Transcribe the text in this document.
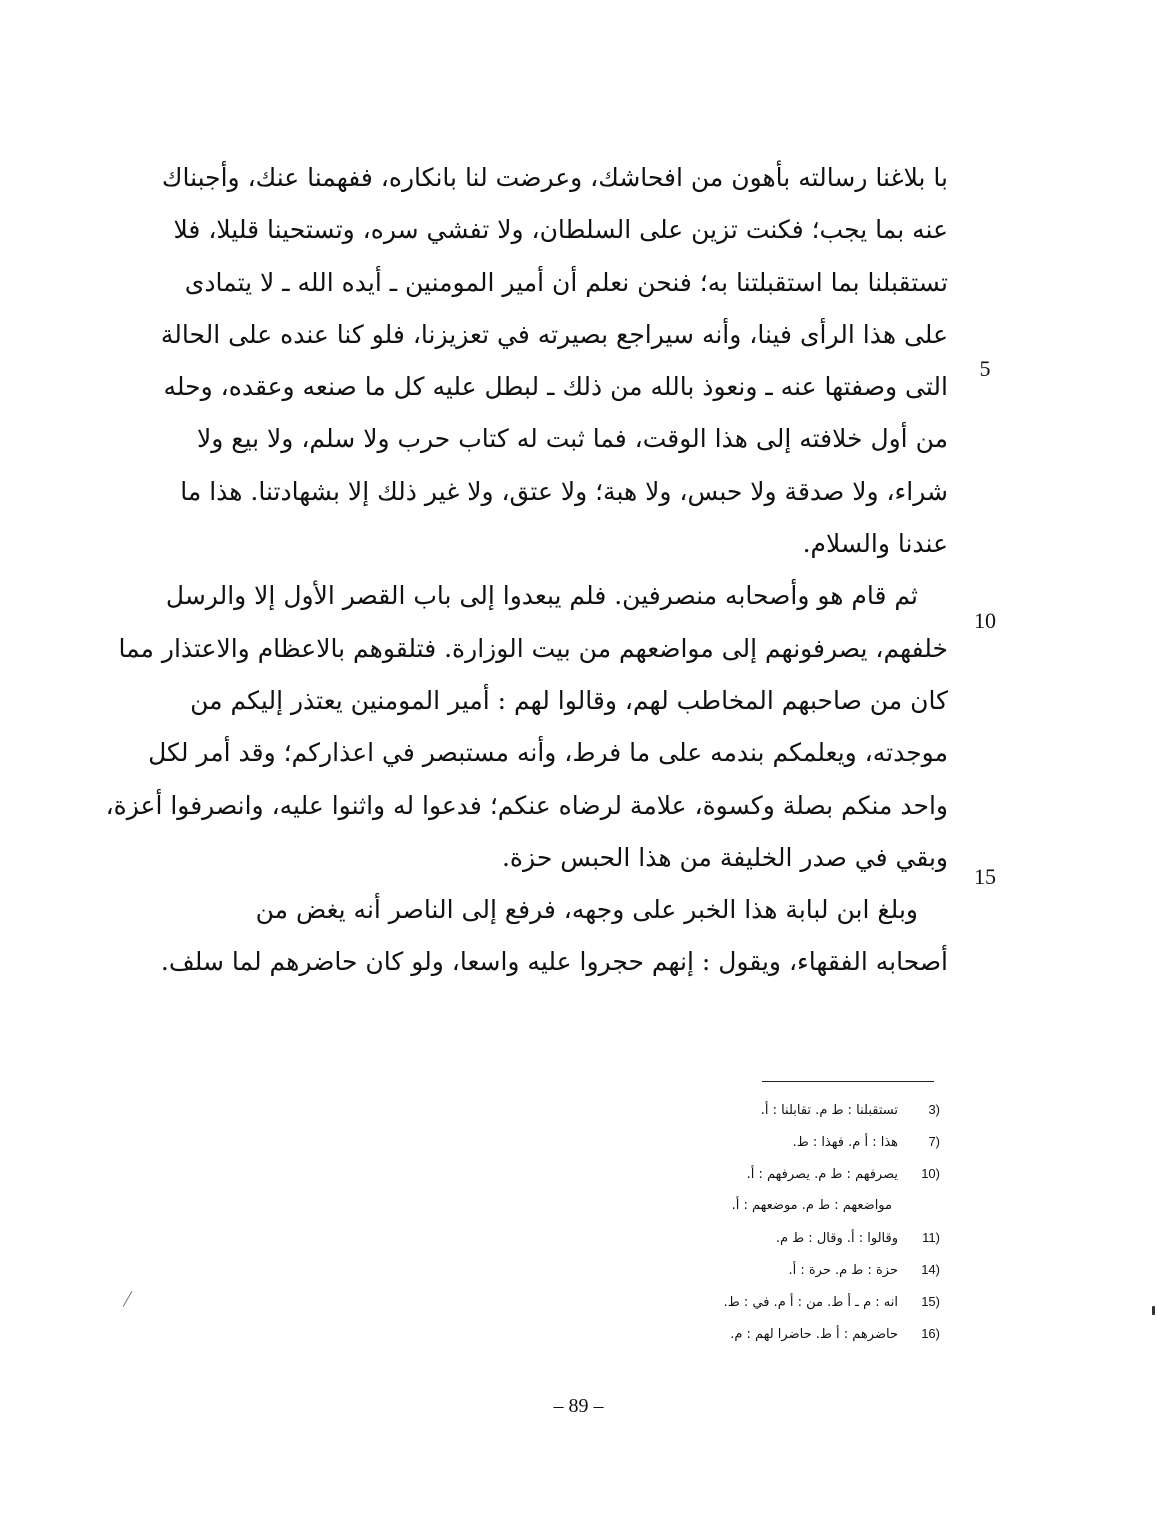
با بلاغنا رسالته بأهون من افحاشك، وعرضت لنا بانكاره، ففهمنا عنك، وأجبناك
عنه بما يجب؛ فكنت تزين على السلطان، ولا تفشي سره، وتستحينا قليلا، فلا
تستقبلنا بما استقبلتنا به؛ فنحن نعلم أن أمير المومنين ـ أيده الله ـ لا يتمادى
على هذا الرأى فينا، وأنه سيراجع بصيرته في تعزيزنا، فلو كنا عنده على الحالة
التى وصفتها عنه ـ ونعوذ بالله من ذلك ـ لبطل عليه كل ما صنعه وعقده، وحله
من أول خلافته إلى هذا الوقت، فما ثبت له كتاب حرب ولا سلم، ولا بيع ولا
شراء، ولا صدقة ولا حبس، ولا هبة؛ ولا عتق، ولا غير ذلك إلا بشهادتنا. هذا ما
عندنا والسلام.
ثم قام هو وأصحابه منصرفين. فلم يبعدوا إلى باب القصر الأول إلا والرسل
خلفهم، يصرفونهم إلى مواضعهم من بيت الوزارة. فتلقوهم بالاعظام والاعتذار مما
كان من صاحبهم المخاطب لهم، وقالوا لهم : أمير المومنين يعتذر إليكم من
موجدته، ويعلمكم بندمه على ما فرط، وأنه مستبصر في اعذاركم؛ وقد أمر لكل
واحد منكم بصلة وكسوة، علامة لرضاه عنكم؛ فدعوا له واثنوا عليه، وانصرفوا أعزة،
وبقي في صدر الخليفة من هذا الحبس حزة.
وبلغ ابن لبابة هذا الخبر على وجهه، فرفع إلى الناصر أنه يغض من
أصحابه الفقهاء، ويقول : إنهم حجروا عليه واسعا، ولو كان حاضرهم لما سلف.
5
10
15
3)تستقبلنا : ط م. تقابلنا : أ.
7)هذا : أ م. فهذا : ط.
10)يصرفهم : ط م. يصرفهم : أ.
مواضعهم : ط م. موضعهم : أ.
11)وقالوا : أ. وقال : ط م.
14)حزة : ط م. حرة : أ.
15)انه : م ـ أ ط. من : أ م. في : ط.
16)حاضرهم : أ ط. حاضرا لهم : م.
– 89 –
